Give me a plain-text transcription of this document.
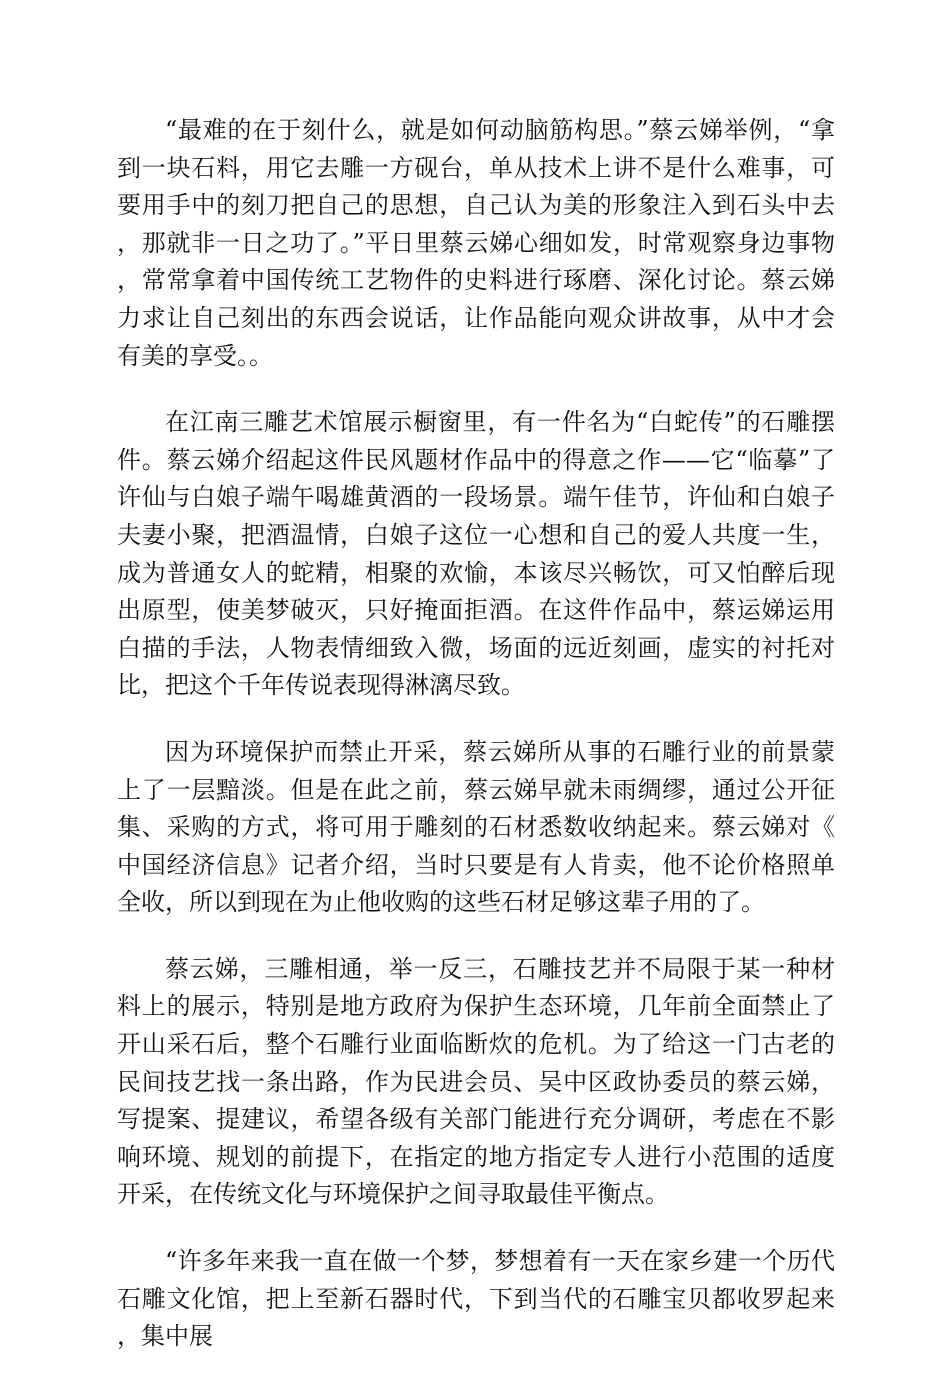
“最难的在于刻什么，就是如何动脑筋构思。”蔡云娣举例，“拿到一块石料，用它去雕一方砚台，单从技术上讲不是什么难事，可要用手中的刻刀把自己的思想，自己认为美的形象注入到石头中去，那就非一日之功了。”平日里蔡云娣心细如发，时常观察身边事物，常常拿着中国传统工艺物件的史料进行琢磨、深化讨论。蔡云娣力求让自己刻出的东西会说话，让作品能向观众讲故事，从中才会有美的享受。。

在江南三雕艺术馆展示橱窗里，有一件名为“白蛇传”的石雕摆件。蔡云娣介绍起这件民风题材作品中的得意之作——它“临摹”了许仙与白娘子端午喝雄黄酒的一段场景。端午佳节，许仙和白娘子夫妻小聚，把酒温情，白娘子这位一心想和自己的爱人共度一生，成为普通女人的蛇精，相聚的欢愉，本该尽兴畅饮，可又怕醉后现出原型，使美梦破灭，只好掩面拒酒。在这件作品中，蔡运娣运用白描的手法，人物表情细致入微，场面的远近刻画，虚实的衬托对比，把这个千年传说表现得淋漓尽致。

因为环境保护而禁止开采，蔡云娣所从事的石雕行业的前景蒙上了一层黯淡。但是在此之前，蔡云娣早就未雨绸缪，通过公开征集、采购的方式，将可用于雕刻的石材悉数收纳起来。蔡云娣对《中国经济信息》记者介绍，当时只要是有人肯卖，他不论价格照单全收，所以到现在为止他收购的这些石材足够这辈子用的了。

蔡云娣，三雕相通，举一反三，石雕技艺并不局限于某一种材料上的展示，特别是地方政府为保护生态环境，几年前全面禁止了开山采石后，整个石雕行业面临断炊的危机。为了给这一门古老的民间技艺找一条出路，作为民进会员、吴中区政协委员的蔡云娣，写提案、提建议，希望各级有关部门能进行充分调研，考虑在不影响环境、规划的前提下，在指定的地方指定专人进行小范围的适度开采，在传统文化与环境保护之间寻取最佳平衡点。

“许多年来我一直在做一个梦，梦想着有一天在家乡建一个历代石雕文化馆，把上至新石器时代，下到当代的石雕宝贝都收罗起来，集中展
